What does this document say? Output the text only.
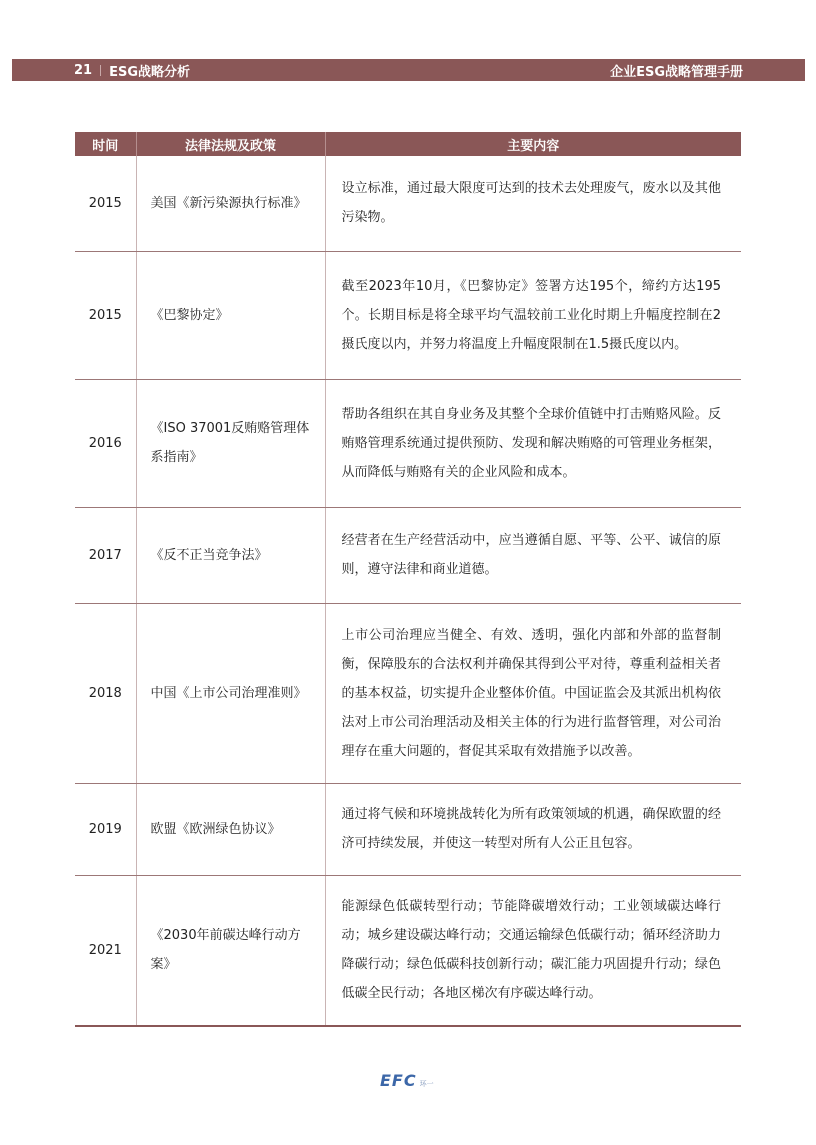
21 ESG战略分析	企业ESG战略管理手册
时间	法律法规及政策	主要内容
2015	美国《新污染源执行标准》	设立标准，通过最大限度可达到的技术去处理废气，废水以及其他污染物。
2015	《巴黎协定》	截至2023年10月，《巴黎协定》签署方达195个，缔约方达195个。长期目标是将全球平均气温较前工业化时期上升幅度控制在2摄氏度以内，并努力将温度上升幅度限制在1.5摄氏度以内。
2016	《ISO 37001反贿赂管理体系指南》	帮助各组织在其自身业务及其整个全球价值链中打击贿赂风险。反贿赂管理系统通过提供预防、发现和解决贿赂的可管理业务框架，从而降低与贿赂有关的企业风险和成本。
2017	《反不正当竞争法》	经营者在生产经营活动中，应当遵循自愿、平等、公平、诚信的原则，遵守法律和商业道德。
2018	中国《上市公司治理准则》	上市公司治理应当健全、有效、透明，强化内部和外部的监督制衡，保障股东的合法权利并确保其得到公平对待，尊重利益相关者的基本权益，切实提升企业整体价值。中国证监会及其派出机构依法对上市公司治理活动及相关主体的行为进行监督管理，对公司治理存在重大问题的，督促其采取有效措施予以改善。
2019	欧盟《欧洲绿色协议》	通过将气候和环境挑战转化为所有政策领域的机遇，确保欧盟的经济可持续发展，并使这一转型对所有人公正且包容。
2021	《2030年前碳达峰行动方案》	能源绿色低碳转型行动；节能降碳增效行动；工业领域碳达峰行动；城乡建设碳达峰行动；交通运输绿色低碳行动；循环经济助力降碳行动；绿色低碳科技创新行动；碳汇能力巩固提升行动；绿色低碳全民行动；各地区梯次有序碳达峰行动。
EFC 环一
